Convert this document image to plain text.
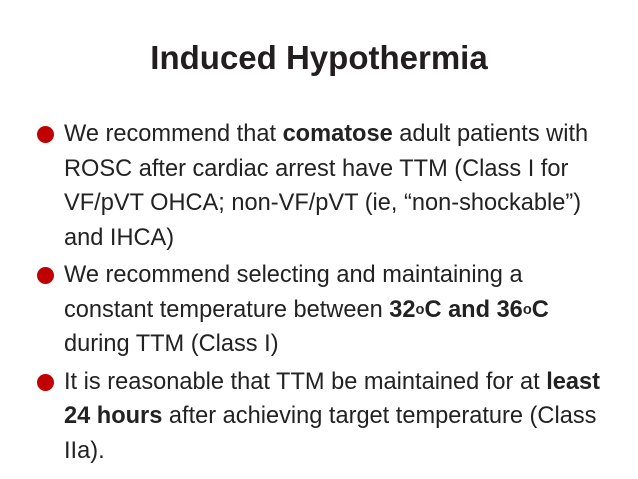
Induced Hypothermia
We recommend that comatose adult patients with ROSC after cardiac arrest have TTM (Class I for VF/pVT OHCA; non-VF/pVT (ie, “non-shockable”) and IHCA)
We recommend selecting and maintaining a constant temperature between 32$^o$C and 36$^o$C during TTM (Class I)
It is reasonable that TTM be maintained for at least 24 hours after achieving target temperature (Class IIa).
